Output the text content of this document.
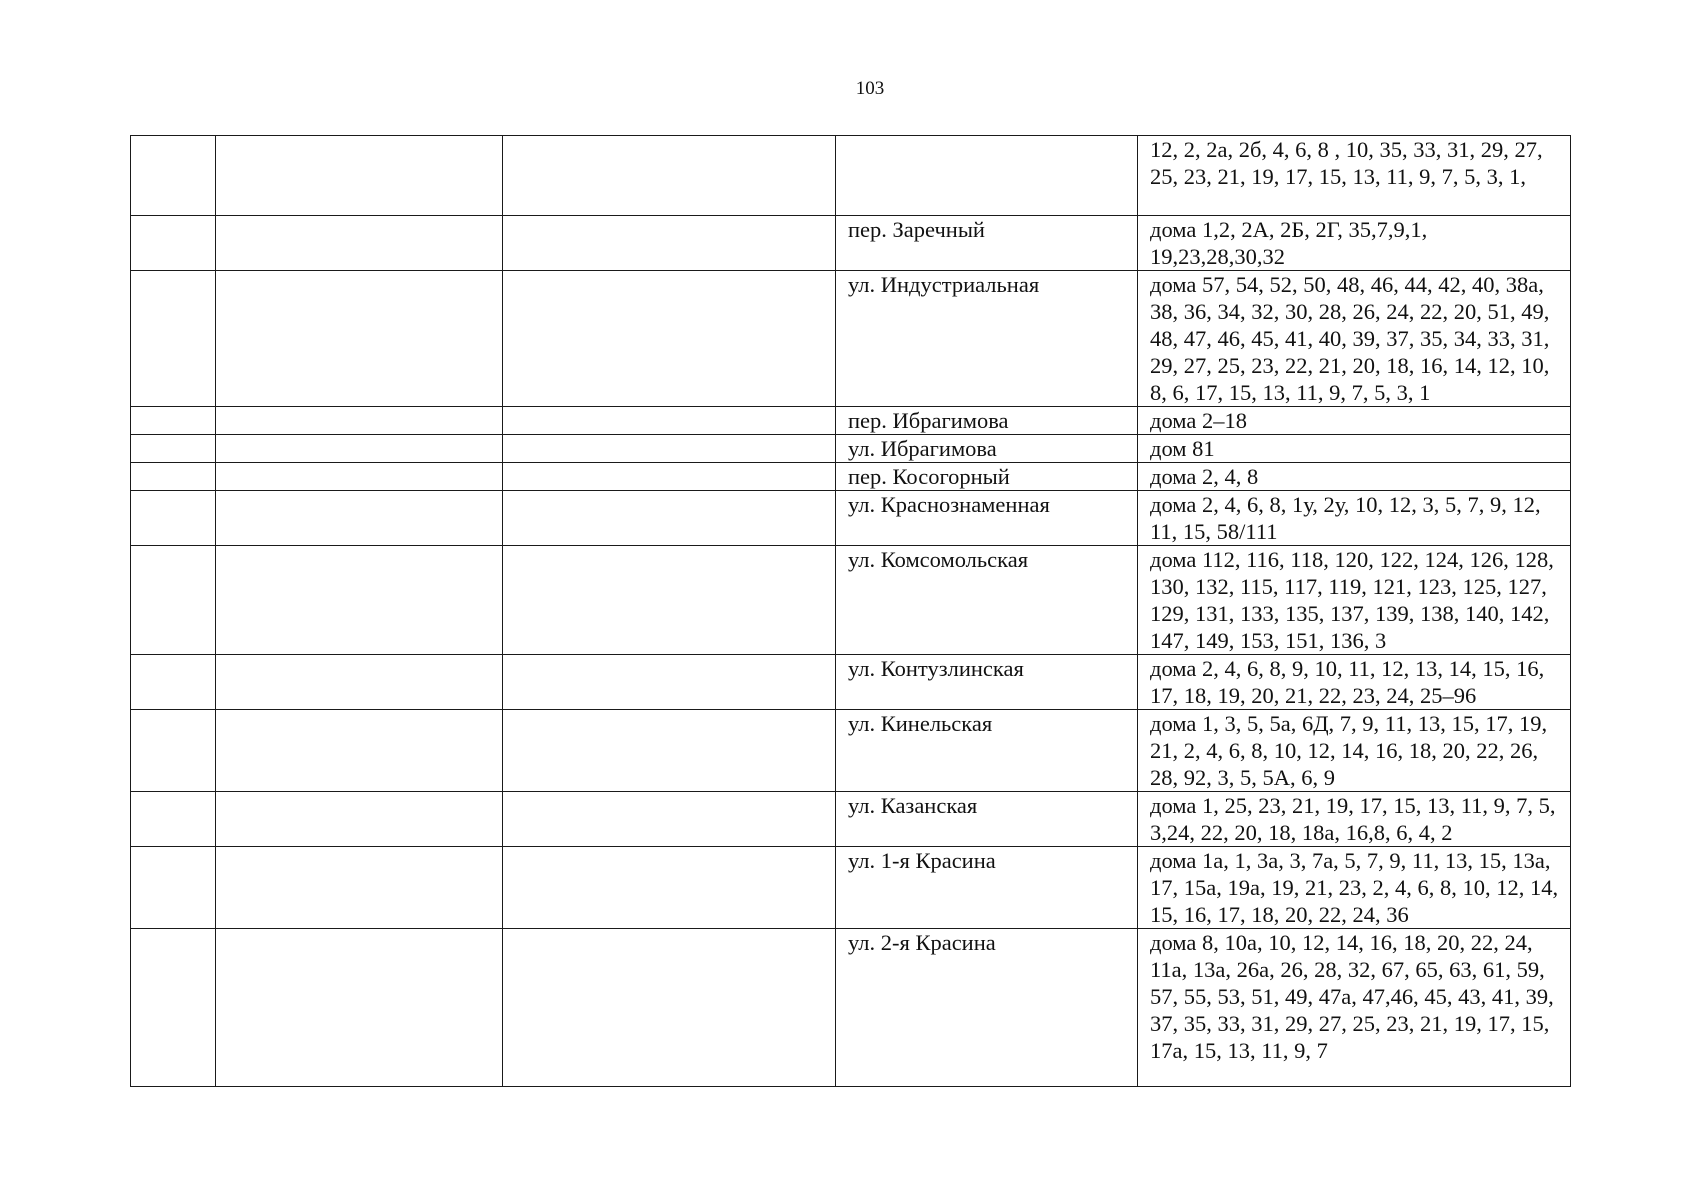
103
				12, 2, 2а, 2б, 4, 6, 8 , 10, 35, 33, 31, 29, 27, 25, 23, 21, 19, 17, 15, 13, 11, 9, 7, 5, 3, 1,
			пер. Заречный	дома 1,2, 2А, 2Б, 2Г, 35,7,9,1, 19,23,28,30,32
			ул. Индустриальная	дома 57, 54, 52, 50, 48, 46, 44, 42, 40, 38а, 38, 36, 34, 32, 30, 28, 26, 24, 22, 20, 51, 49, 48, 47, 46, 45, 41, 40, 39, 37, 35, 34, 33, 31, 29, 27, 25, 23, 22, 21, 20, 18, 16, 14, 12, 10, 8, 6, 17, 15, 13, 11, 9, 7, 5, 3, 1
			пер. Ибрагимова	дома 2–18
			ул. Ибрагимова	дом 81
			пер. Косогорный	дома 2, 4, 8
			ул. Краснознаменная	дома 2, 4, 6, 8, 1у, 2у, 10, 12, 3, 5, 7, 9, 12, 11, 15, 58/111
			ул. Комсомольская	дома 112, 116, 118, 120, 122, 124, 126, 128, 130, 132, 115, 117, 119, 121, 123, 125, 127, 129, 131, 133, 135, 137, 139, 138, 140, 142, 147, 149, 153, 151, 136, 3
			ул. Контузлинская	дома 2, 4, 6, 8, 9, 10, 11, 12, 13, 14, 15, 16, 17, 18, 19, 20, 21, 22, 23, 24, 25–96
			ул. Кинельская	дома 1, 3, 5, 5а, 6Д, 7, 9, 11, 13, 15, 17, 19, 21, 2, 4, 6, 8, 10, 12, 14, 16, 18, 20, 22, 26, 28, 92, 3, 5, 5А, 6, 9
			ул. Казанская	дома 1, 25, 23, 21, 19, 17, 15, 13, 11, 9, 7, 5, 3,24, 22, 20, 18, 18а, 16,8, 6, 4, 2
			ул. 1-я Красина	дома 1а, 1, 3а, 3, 7а, 5, 7, 9, 11, 13, 15, 13а, 17, 15а, 19а, 19, 21, 23, 2, 4, 6, 8, 10, 12, 14, 15, 16, 17, 18, 20, 22, 24, 36
			ул. 2-я Красина	дома 8, 10а, 10, 12, 14, 16, 18, 20, 22, 24, 11а, 13а, 26а, 26, 28, 32, 67, 65, 63, 61, 59, 57, 55, 53, 51, 49, 47а, 47,46, 45, 43, 41, 39, 37, 35, 33, 31, 29, 27, 25, 23, 21, 19, 17, 15, 17а, 15, 13, 11, 9, 7
